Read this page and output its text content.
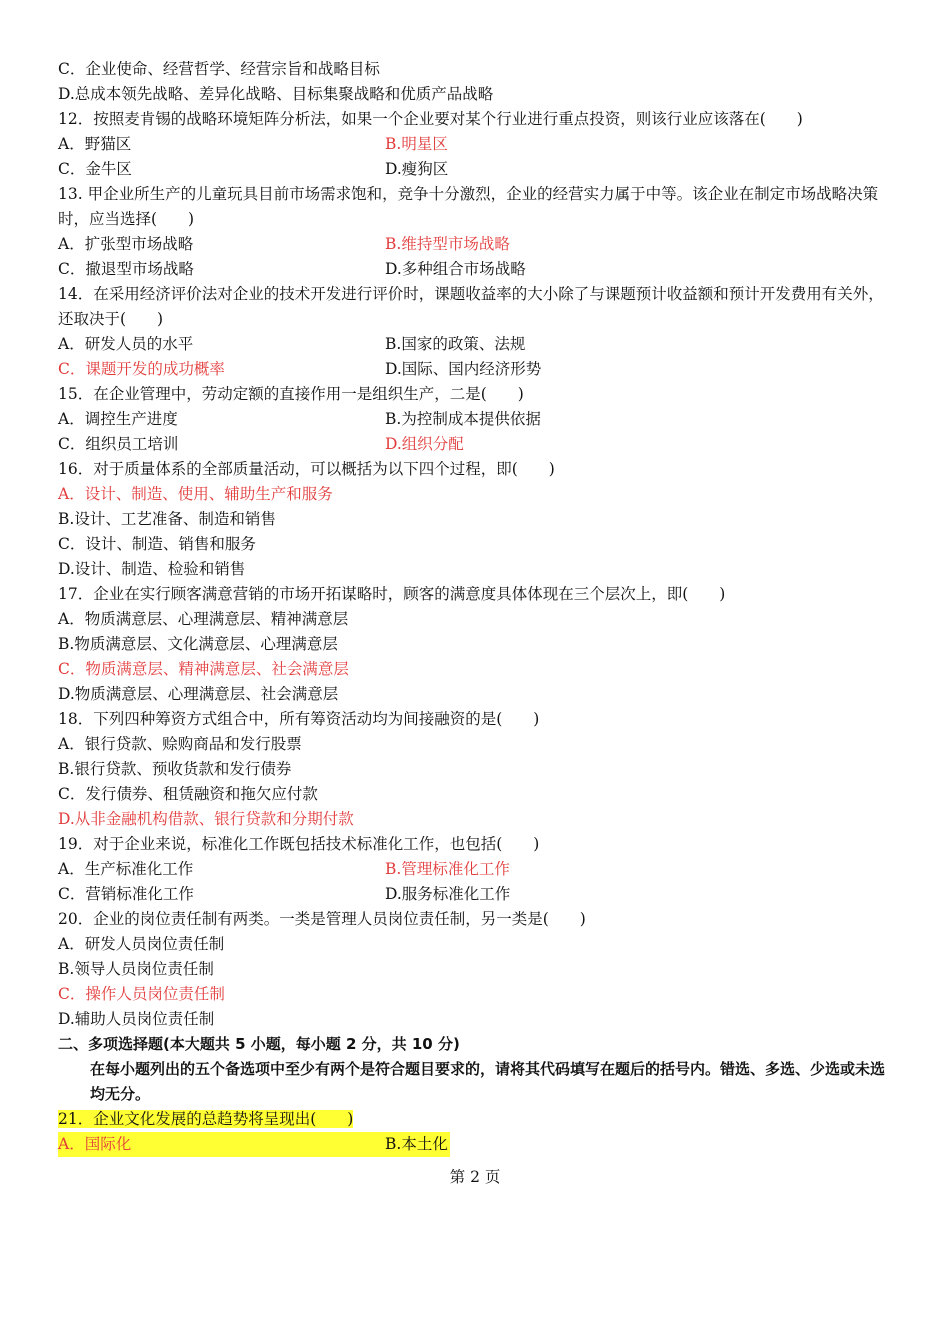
C．企业使命、经营哲学、经营宗旨和战略目标
D.总成本领先战略、差异化战略、目标集聚战略和优质产品战略
12．按照麦肯锡的战略环境矩阵分析法，如果一个企业要对某个行业进行重点投资，则该行业应该落在(　　)
A．野猫区	B.明星区
C．金牛区	D.瘦狗区
13. 甲企业所生产的儿童玩具目前市场需求饱和，竞争十分激烈，企业的经营实力属于中等。该企业在制定市场战略决策时，应当选择(　　)
A．扩张型市场战略	B.维持型市场战略
C．撤退型市场战略	D.多种组合市场战略
14．在采用经济评价法对企业的技术开发进行评价时，课题收益率的大小除了与课题预计收益额和预计开发费用有关外，还取决于(　　)
A．研发人员的水平	B.国家的政策、法规
C．课题开发的成功概率	D.国际、国内经济形势
15．在企业管理中，劳动定额的直接作用一是组织生产，二是(　　)
A．调控生产进度	B.为控制成本提供依据
C．组织员工培训	D.组织分配
16．对于质量体系的全部质量活动，可以概括为以下四个过程，即(　　)
A．设计、制造、使用、辅助生产和服务
B.设计、工艺准备、制造和销售
C．设计、制造、销售和服务
D.设计、制造、检验和销售
17．企业在实行顾客满意营销的市场开拓谋略时，顾客的满意度具体体现在三个层次上，即(　　)
A．物质满意层、心理满意层、精神满意层
B.物质满意层、文化满意层、心理满意层
C．物质满意层、精神满意层、社会满意层
D.物质满意层、心理满意层、社会满意层
18．下列四种筹资方式组合中，所有筹资活动均为间接融资的是(　　)
A．银行贷款、赊购商品和发行股票
B.银行贷款、预收货款和发行债券
C．发行债券、租赁融资和拖欠应付款
D.从非金融机构借款、银行贷款和分期付款
19．对于企业来说，标准化工作既包括技术标准化工作，也包括(　　)
A．生产标准化工作	B.管理标准化工作
C．营销标准化工作	D.服务标准化工作
20．企业的岗位责任制有两类。一类是管理人员岗位责任制，另一类是(　　)
A．研发人员岗位责任制
B.领导人员岗位责任制
C．操作人员岗位责任制
D.辅助人员岗位责任制
二、多项选择题(本大题共 5 小题，每小题 2 分，共 10 分)
在每小题列出的五个备选项中至少有两个是符合题目要求的，请将其代码填写在题后的括号内。错选、多选、少选或未选均无分。
21．企业文化发展的总趋势将呈现出(　　)
A．国际化	B.本土化
第 2 页
